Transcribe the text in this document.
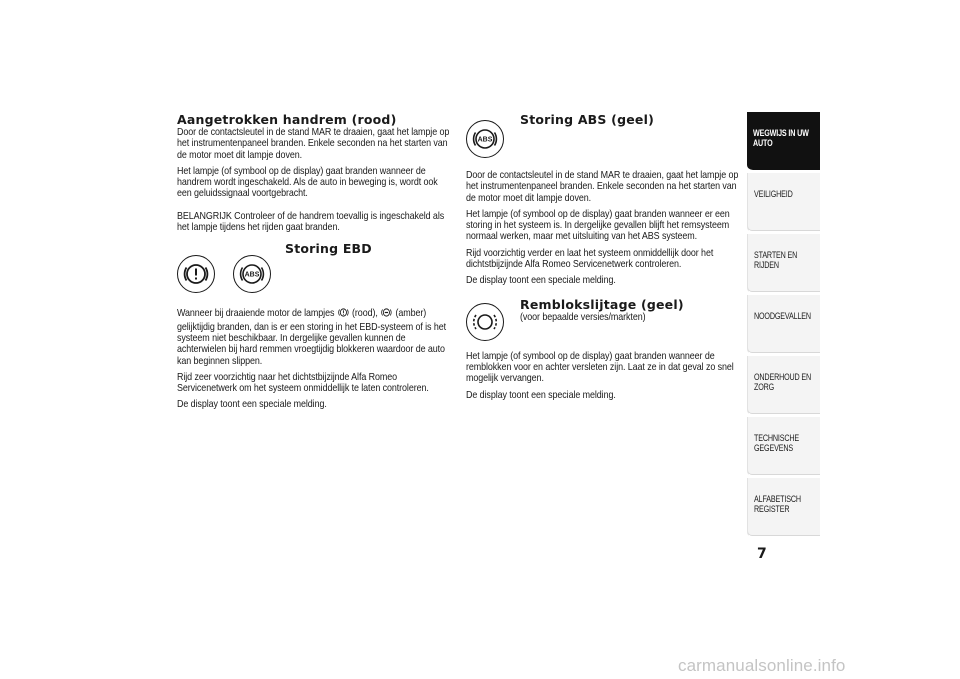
Aangetrokken handrem (rood)

Door de contactsleutel in de stand MAR te draaien, gaat het lampje op het instrumentenpaneel branden. Enkele seconden na het starten van de motor moet dit lampje doven.

Het lampje (of symbool op de display) gaat branden wanneer de handrem wordt ingeschakeld. Als de auto in beweging is, wordt ook een geluidssignaal voortgebracht.

BELANGRIJK Controleer of de handrem toevallig is ingeschakeld als het lampje tijdens het rijden gaat branden.

ABS
Storing EBD

Wanneer bij draaiende motor de lampjes  (rood),  (amber) gelijktijdig branden, dan is er een storing in het EBD-systeem of is het systeem niet beschikbaar. In dergelijke gevallen kunnen de achterwielen bij hard remmen vroegtijdig blokkeren waardoor de auto kan beginnen slippen.

Rijd zeer voorzichtig naar het dichtstbijzijnde Alfa Romeo Servicenetwerk om het systeem onmiddellijk te laten controleren.

De display toont een speciale melding.

ABS
Storing ABS (geel)

Door de contactsleutel in de stand MAR te draaien, gaat het lampje op het instrumentenpaneel branden. Enkele seconden na het starten van de motor moet dit lampje doven.

Het lampje (of symbool op de display) gaat branden wanneer er een storing in het systeem is. In dergelijke gevallen blijft het remsysteem normaal werken, maar met uitsluiting van het ABS systeem.

Rijd voorzichtig verder en laat het systeem onmiddellijk door het dichtstbijzijnde Alfa Romeo Servicenetwerk controleren.

De display toont een speciale melding.

Remblokslijtage (geel)

(voor bepaalde versies/markten)

Het lampje (of symbool op de display) gaat branden wanneer de remblokken voor en achter versleten zijn. Laat ze in dat geval zo snel mogelijk vervangen.

De display toont een speciale melding.

WEGWIJS IN UW AUTO
VEILIGHEID
STARTEN EN RIJDEN
NOODGEVALLEN
ONDERHOUD EN ZORG
TECHNISCHE GEGEVENS
ALFABETISCH REGISTER
7
carmanualsonline.info
